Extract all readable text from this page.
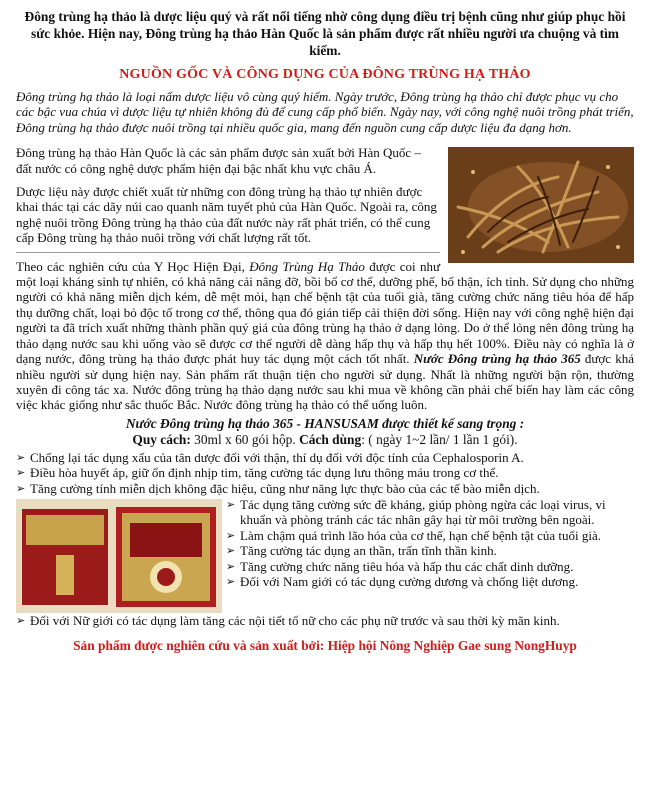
Đông trùng hạ thảo là dược liệu quý và rất nổi tiếng nhờ công dụng điều trị bệnh cũng như giúp phục hồi sức khỏe. Hiện nay, Đông trùng hạ thảo Hàn Quốc là sản phẩm được rất nhiều người ưa chuộng và tìm kiếm.

NGUỒN GỐC VÀ CÔNG DỤNG CỦA ĐÔNG TRÙNG HẠ THẢO

Đông trùng hạ thảo là loại nấm dược liệu vô cùng quý hiếm. Ngày trước, Đông trùng hạ thảo chỉ được phục vụ cho các bậc vua chúa vì dược liệu tự nhiên không đủ để cung cấp phổ biến. Ngày nay, với công nghệ nuôi trồng phát triển, Đông trùng hạ thảo được nuôi trồng tại nhiều quốc gia, mang đến nguồn cung cấp dược liệu đa dạng hơn.

Đông trùng hạ thảo Hàn Quốc là các sản phẩm được sản xuất bởi Hàn Quốc – đất nước có công nghệ dược phẩm hiện đại bậc nhất khu vực châu Á.

Dược liệu này được chiết xuất từ những con đông trùng hạ thảo tự nhiên được khai thác tại các dãy núi cao quanh năm tuyết phủ của Hàn Quốc. Ngoài ra, công nghệ nuôi trồng Đông trùng hạ thảo của đất nước này rất phát triển, có thể cung cấp Đông trùng hạ thảo nuôi trồng với chất lượng rất tốt.

Theo các nghiên cứu của Y Học Hiện Đại, Đông Trùng Hạ Thảo được coi như một loại kháng sinh tự nhiên, có khả năng cải nâng đỡ, bồi bổ cơ thể, dưỡng phế, bổ thận, ích tinh. Sử dụng cho những người có khả năng miễn dịch kém, dễ mệt mỏi, hạn chế bệnh tật của tuổi già, tăng cường chức năng tiêu hóa để hấp thụ dưỡng chất, loại bỏ độc tố trong cơ thể, thông qua đó gián tiếp cải thiện đời sống. Hiện nay với công nghệ hiện đại người ta đã trích xuất những thành phần quý giá của đông trùng hạ thảo ở dạng lỏng. Do ở thể lỏng nên đông trùng hạ thảo dạng nước sau khi uống vào sẽ được cơ thể người dễ dàng hấp thụ và hấp thụ hết 100%. Điều này có nghĩa là ở dạng nước, đông trùng hạ thảo được phát huy tác dụng một cách tốt nhất. Nước Đông trùng hạ thảo 365 được khá nhiều người sử dụng hiện nay. Sản phẩm rất thuận tiện cho người sử dụng. Nhất là những người bận rộn, thường xuyên đi công tác xa. Nước đông trùng hạ thảo dạng nước sau khi mua về không cần phải chế biến hay làm các công việc khác giống như sắc thuốc Bắc. Nước đông trùng hạ thảo có thể uống luôn.

Nước Đông trùng hạ thảo 365 - HANSUSAM được thiết kế sang trọng :
Quy cách: 30ml x 60 gói hộp. Cách dùng: ( ngày 1~2 lần/ 1 lần 1 gói).
➢ Chống lại tác dụng xấu của tân dược đối với thận, thí dụ đối với độc tính của Cephalosporin A.
➢ Điều hòa huyết áp, giữ ổn định nhịp tim, tăng cường tác dụng lưu thông máu trong cơ thể.
➢ Tăng cường tính miễn dịch không đặc hiệu, cũng như năng lực thực bào của các tế bào miễn dịch.
➢ Tác dụng tăng cường sức đề kháng, giúp phòng ngừa các loại virus, vi khuẩn và phòng tránh các tác nhân gây hại từ môi trường bên ngoài.
➢ Làm chậm quá trình lão hóa của cơ thể, hạn chế bệnh tật của tuổi già.
➢ Tăng cường tác dụng an thần, trấn tĩnh thần kinh.
➢ Tăng cường chức năng tiêu hóa và hấp thu các chất dinh dưỡng.
➢ Đối với Nam giới có tác dụng cường dương và chống liệt dương.
➢ Đối với Nữ giới có tác dụng làm tăng các nội tiết tố nữ cho các phụ nữ trước và sau thời kỳ mãn kinh.
Sản phẩm được nghiên cứu và sản xuất bởi: Hiệp hội Nông Nghiệp Gae sung NongHuyp
